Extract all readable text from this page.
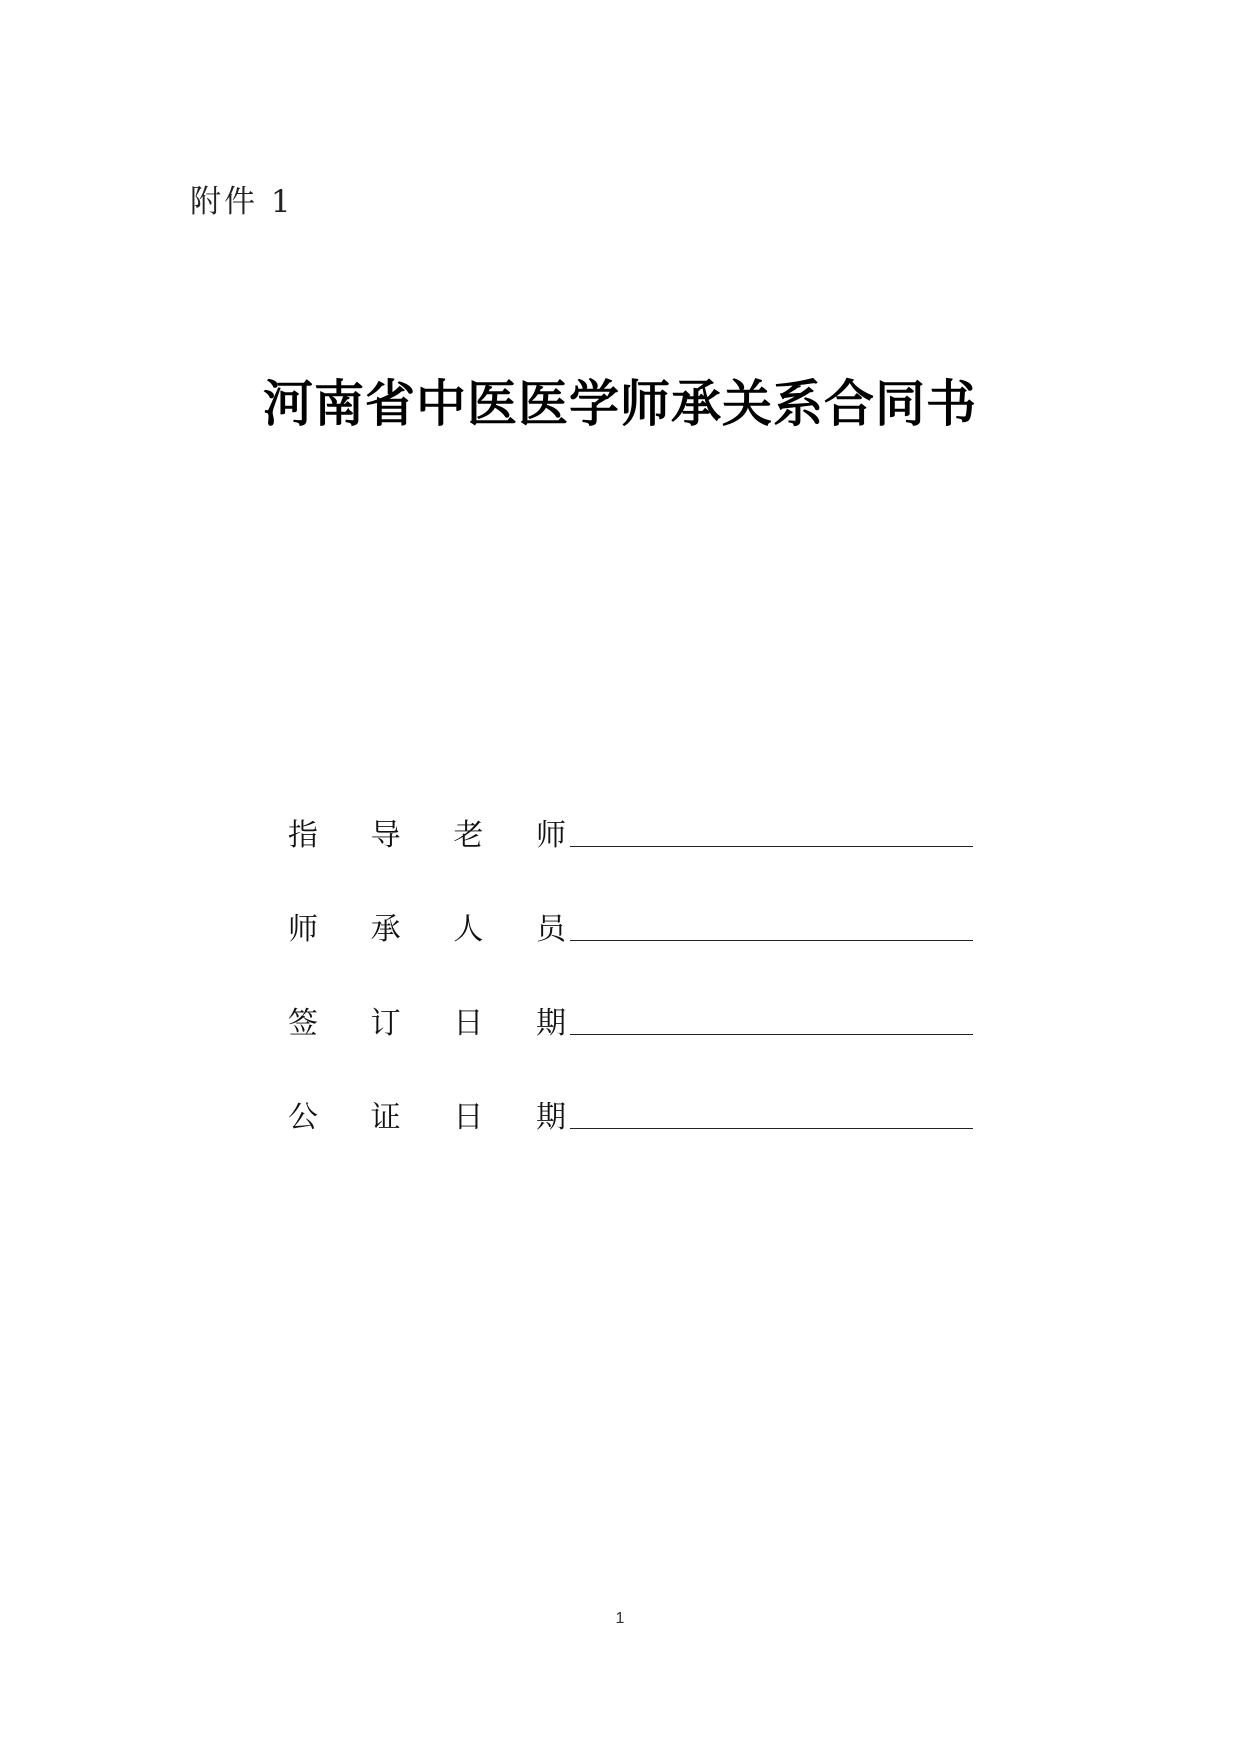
附件 1
河南省中医医学师承关系合同书
指 导 老 师
师 承 人 员
签 订 日 期
公 证 日 期
1
